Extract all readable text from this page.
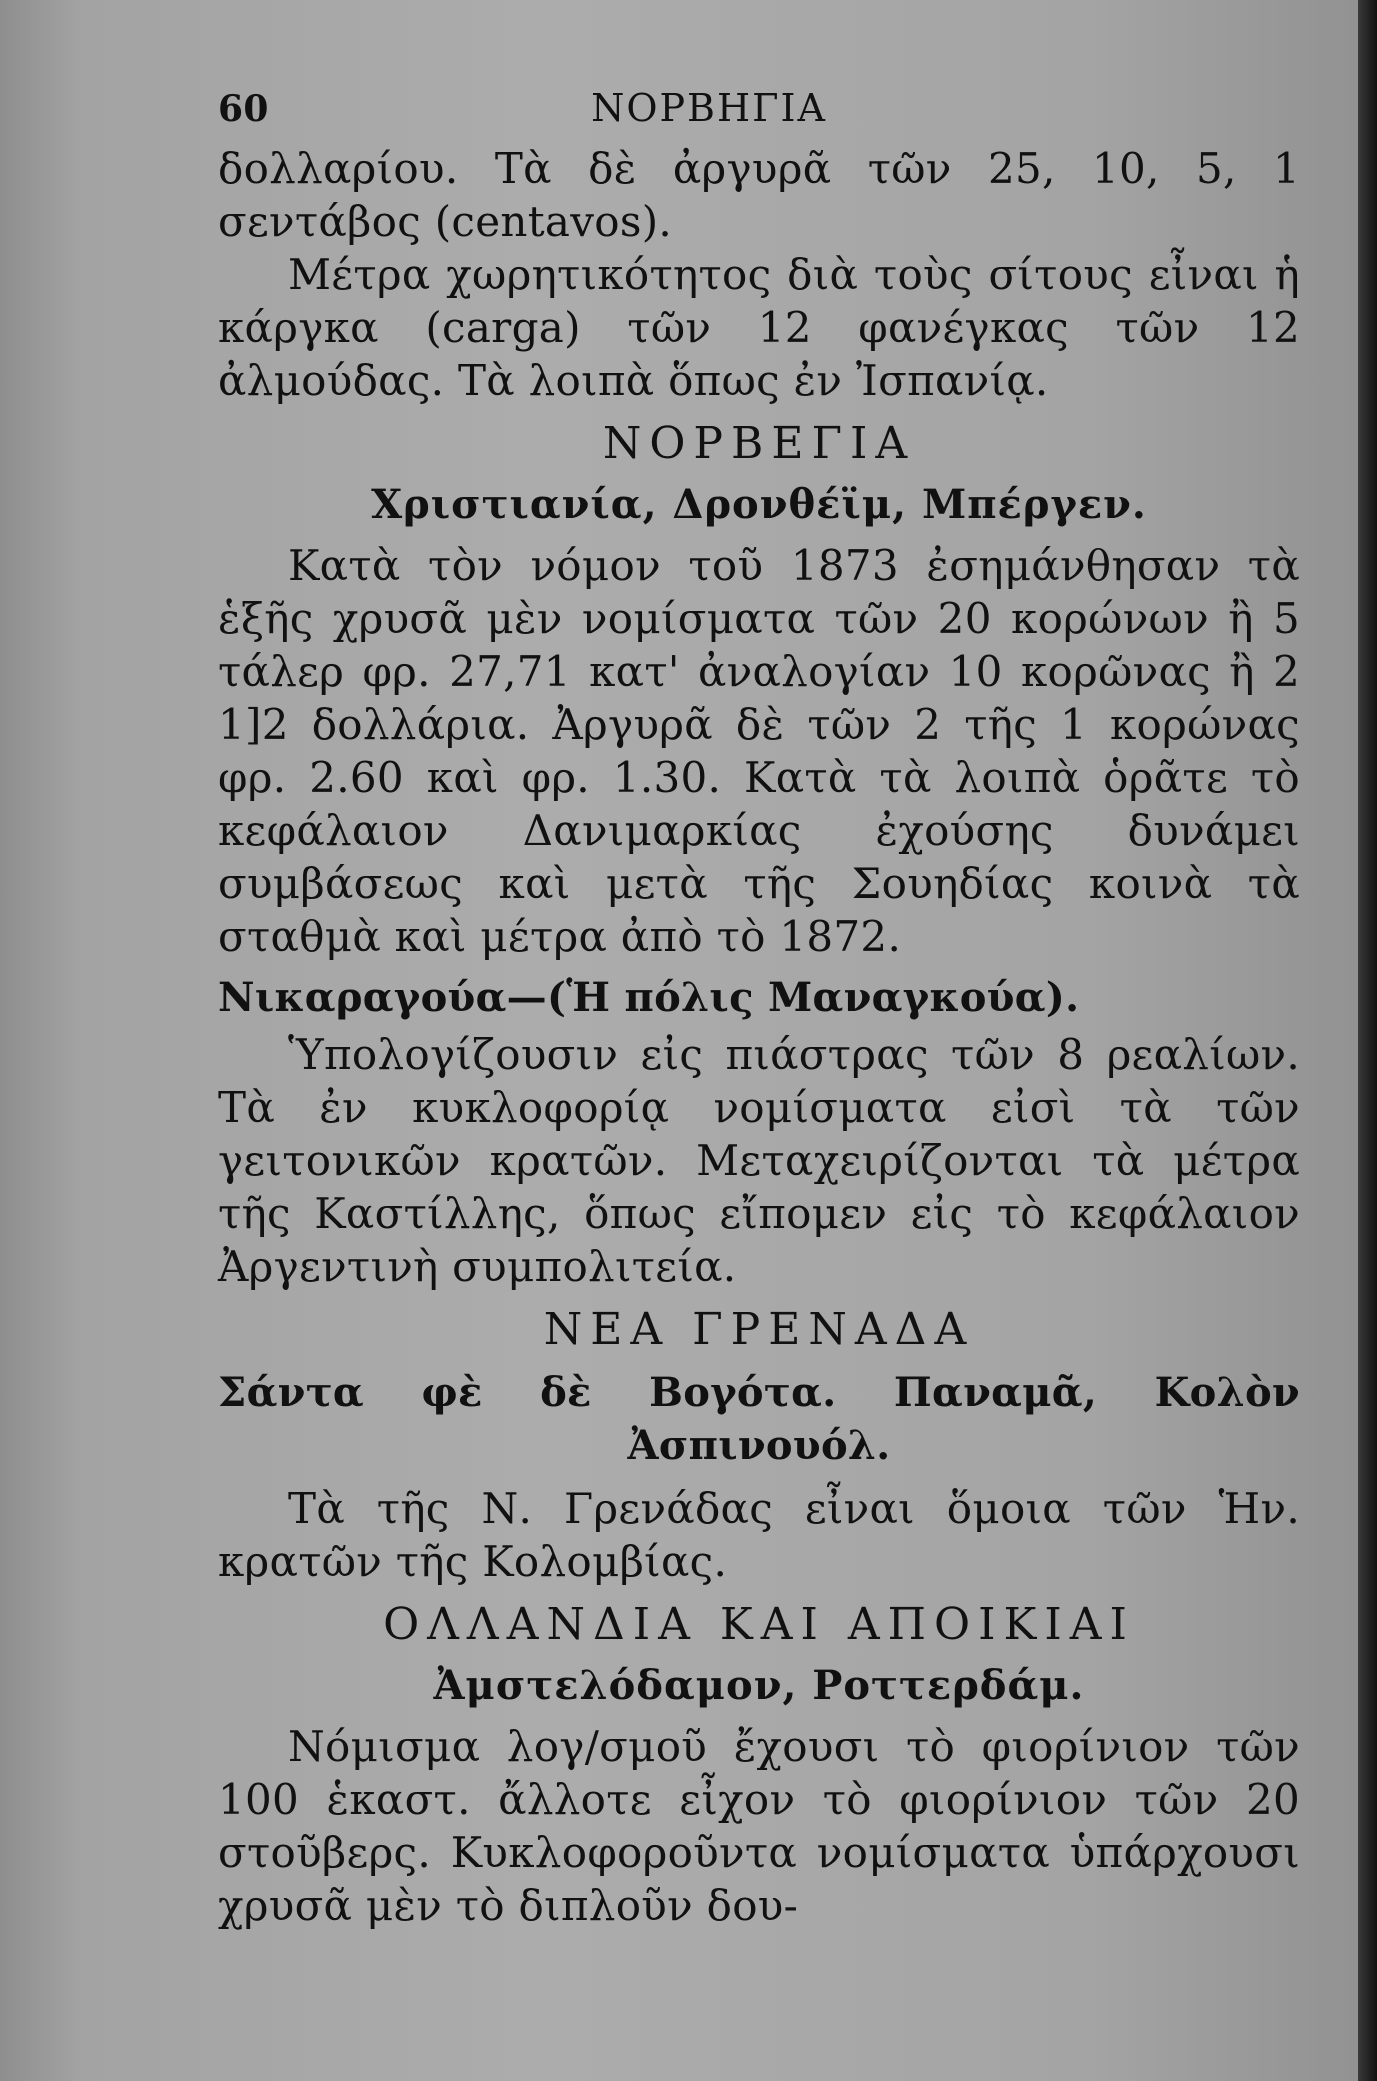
60	ΝΟΡΒΗΓΙΑ

δολλαρίου. Τὰ δὲ ἀργυρᾶ τῶν 25, 10, 5, 1 σεντάβος (centavos).

Μέτρα χωρητικότητος διὰ τοὺς σίτους εἶναι ἡ κάργκα (carga) τῶν 12 φανέγκας τῶν 12 ἀλμούδας. Τὰ λοιπὰ ὅπως ἐν Ἰσπανίᾳ.

ΝΟΡΒΕΓΙΑ
Χριστιανία, Δρονθέϊμ, Μπέργεν.

Κατὰ τὸν νόμον τοῦ 1873 ἐσημάνθησαν τὰ ἑξῆς χρυσᾶ μὲν νομίσματα τῶν 20 κορώνων ἢ 5 τάλερ φρ. 27,71 κατ' ἀναλογίαν 10 κορῶνας ἢ 2 1]2 δολλάρια. Ἀργυρᾶ δὲ τῶν 2 τῆς 1 κορώνας φρ. 2.60 καὶ φρ. 1.30. Κατὰ τὰ λοιπὰ ὁρᾶτε τὸ κεφάλαιον Δανιμαρκίας ἐχούσης δυνάμει συμβάσεως καὶ μετὰ τῆς Σουηδίας κοινὰ τὰ σταθμὰ καὶ μέτρα ἀπὸ τὸ 1872.

Νικαραγούα—(Ἡ πόλις Μαναγκούα).

Ὑπολογίζουσιν εἰς πιάστρας τῶν 8 ρεαλίων. Τὰ ἐν κυκλοφορίᾳ νομίσματα εἰσὶ τὰ τῶν γειτονικῶν κρατῶν. Μεταχειρίζονται τὰ μέτρα τῆς Καστίλλης, ὅπως εἴπομεν εἰς τὸ κεφάλαιον Ἀργεντινὴ συμπολιτεία.

ΝΕΑ ΓΡΕΝΑΔΑ
Σάντα φὲ δὲ Βογότα. Παναμᾶ, Κολὸν Ἀσπινουόλ.

Τὰ τῆς Ν. Γρενάδας εἶναι ὅμοια τῶν Ἡν. κρατῶν τῆς Κολομβίας.

ΟΛΛΑΝΔΙΑ ΚΑΙ ΑΠΟΙΚΙΑΙ
Ἀμστελόδαμον, Ροττερδάμ.

Νόμισμα λογ/σμοῦ ἔχουσι τὸ φιορίνιον τῶν 100 ἑκαστ. ἄλλοτε εἶχον τὸ φιορίνιον τῶν 20 στοῦβερς. Κυκλοφοροῦντα νομίσματα ὑπάρχουσι χρυσᾶ μὲν τὸ διπλοῦν δου-
